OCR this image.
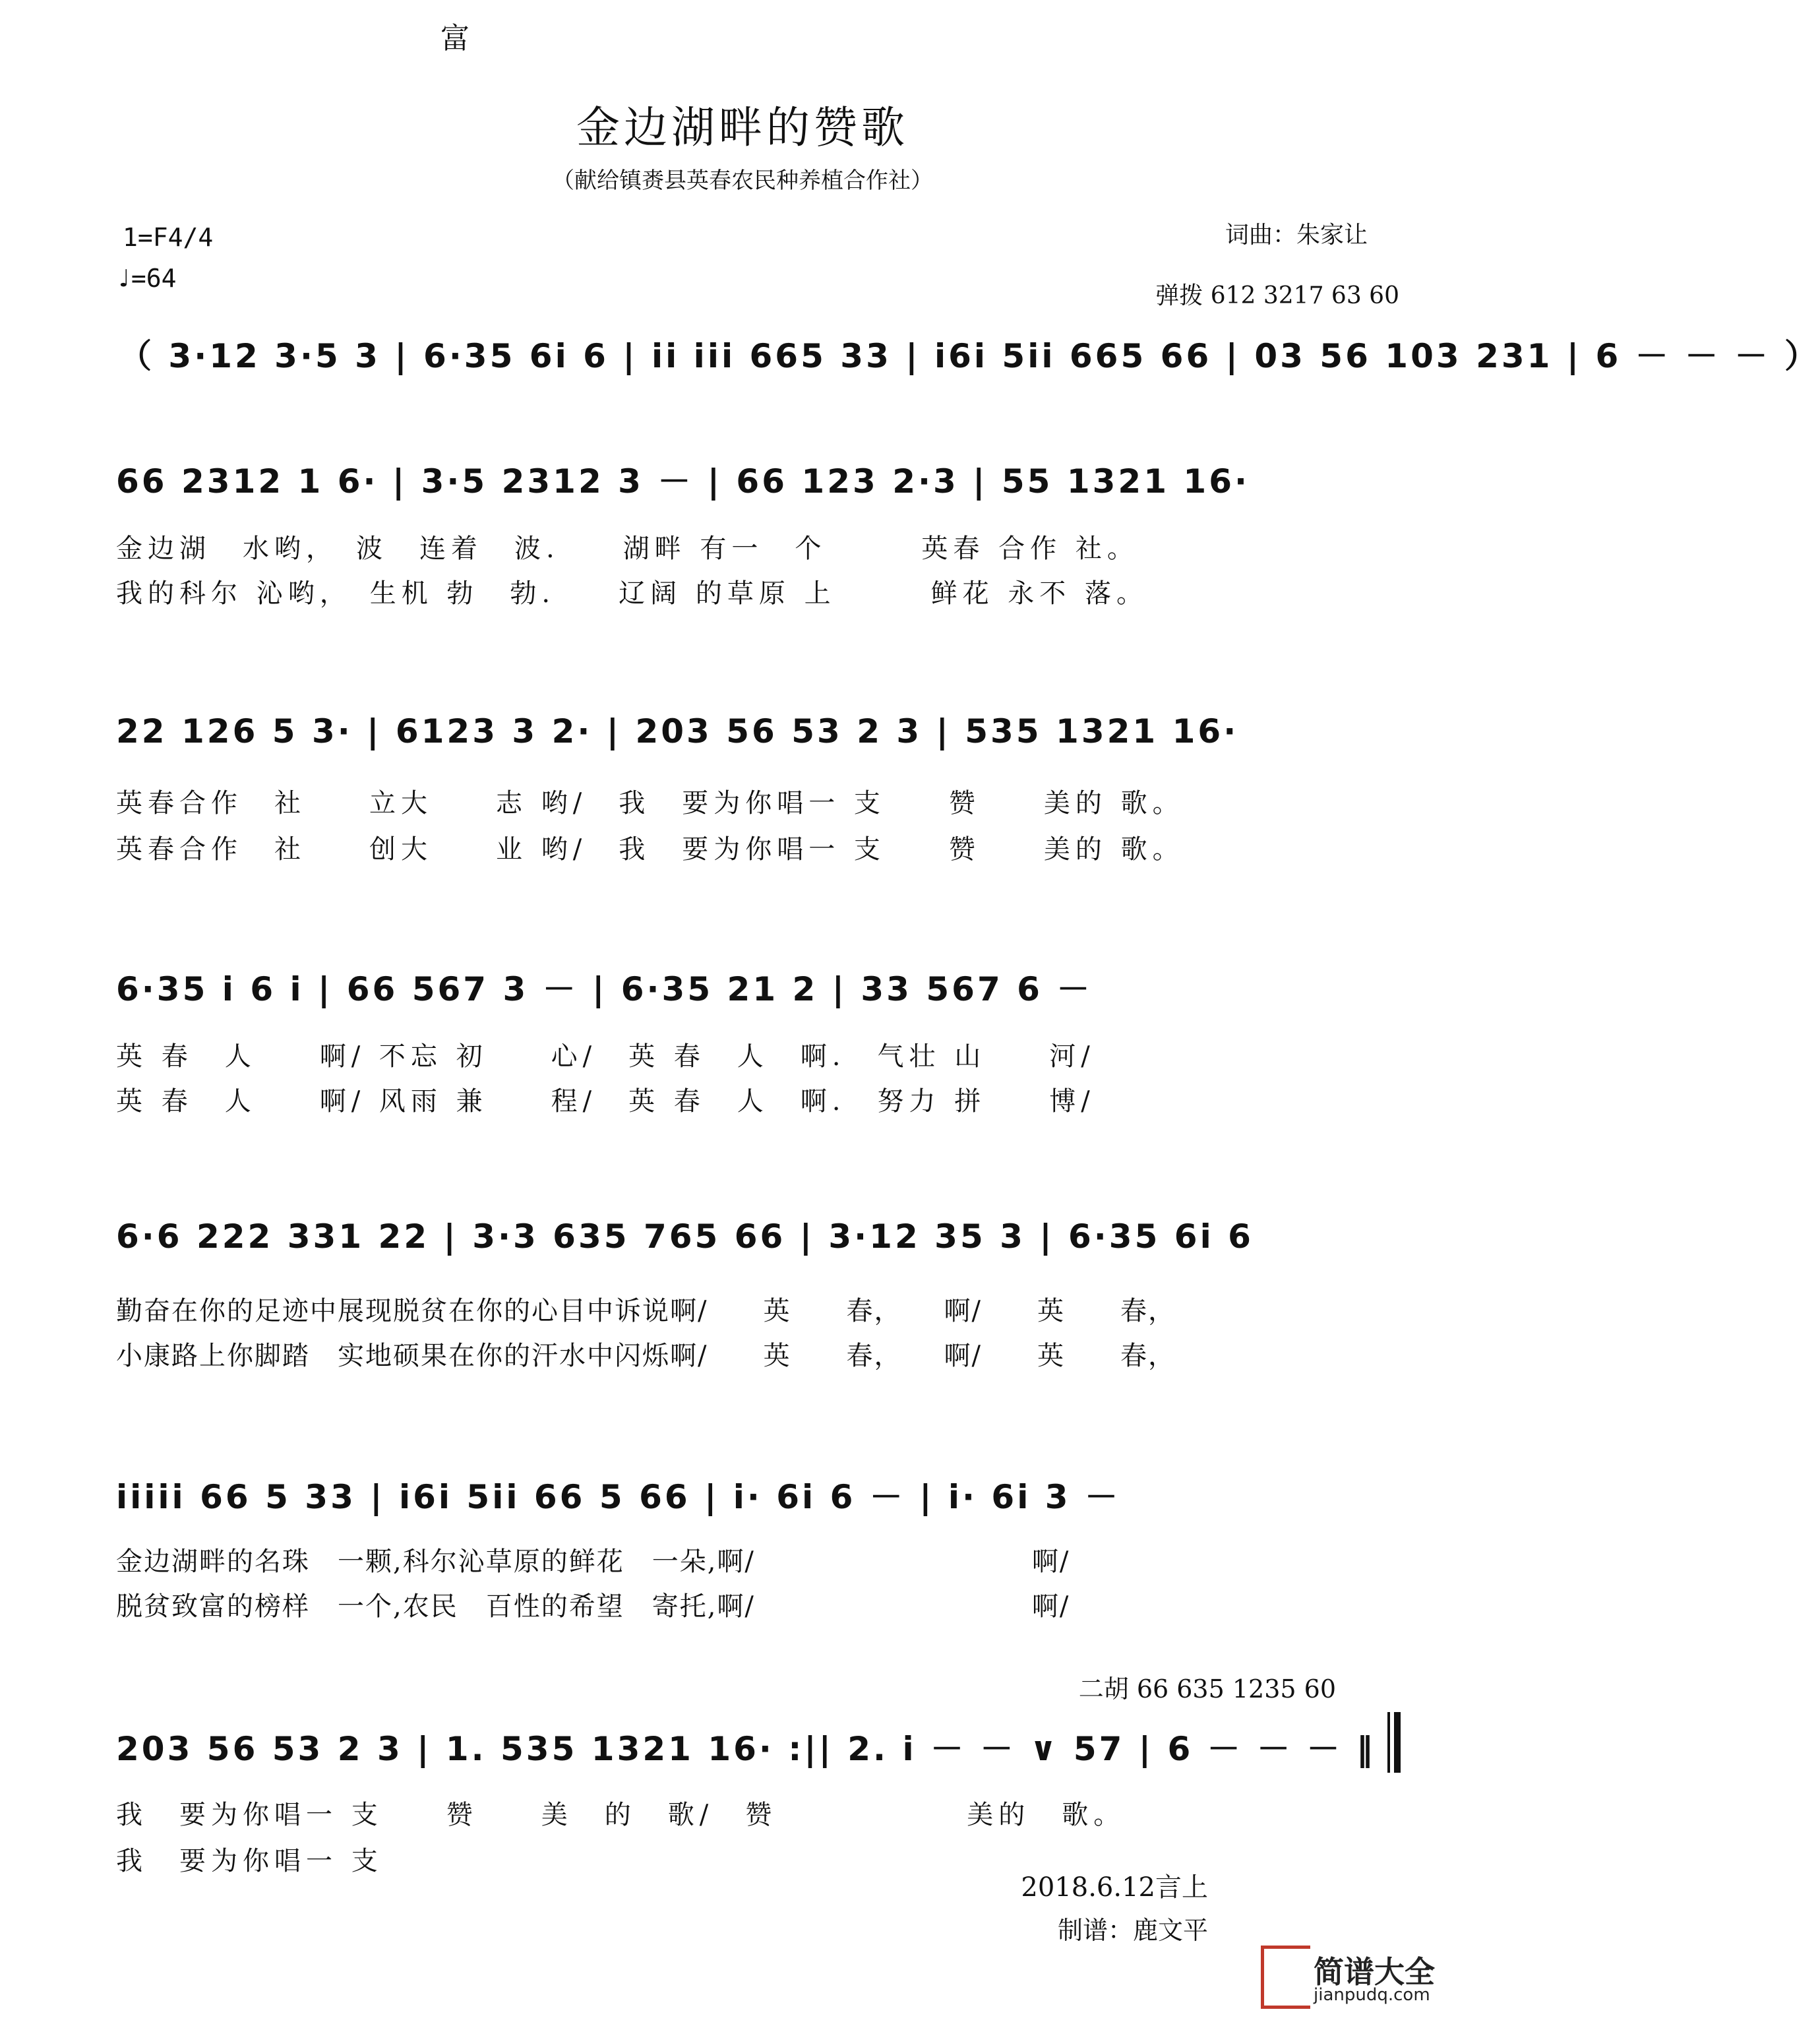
富
金边湖畔的赞歌
（献给镇赉县英春农民种养植合作社）
1=F4/4
♩=64
词曲：朱家让
弹拨 612 3217 63 60
（ 3·12 3·5 3 | 6·35 6i 6 | ii iii 665 33 | i6i 5ii 665 66 | 03 56 103 231 | 6 － － － ）
66 2312 1 6· | 3·5 2312 3 － | 66 123 2·3 | 55 1321 16·
金边湖　水哟，　波　连着　波.　　湖畔 有一　个　　　英春 合作 社。
我的科尔 沁哟，　生机 勃　勃.　　辽阔 的草原 上　　　鲜花 永不 落。
22 126 5 3· | 6123 3 2· | 203 56 53 2 3 | 535 1321 16·
英春合作　社　　立大　　志 哟/　我　要为你唱一 支　　赞　　美的 歌。
英春合作　社　　创大　　业 哟/　我　要为你唱一 支　　赞　　美的 歌。
6·35 i 6 i | 66 567 3 － | 6·35 21 2 | 33 567 6 －
英 春　人　　啊/ 不忘 初　　心/　英 春　人　啊.　气壮 山　　河/
英 春　人　　啊/ 风雨 兼　　程/　英 春　人　啊.　努力 拼　　博/
6·6 222 331 22 | 3·3 635 765 66 | 3·12 35 3 | 6·35 6i 6
勤奋在你的足迹中展现脱贫在你的心目中诉说啊/　　英　　春，　　啊/　　英　　春，
小康路上你脚踏　实地硕果在你的汗水中闪烁啊/　　英　　春，　　啊/　　英　　春，
iiiii 66 5 33 | i6i 5ii 66 5 66 | i· 6i 6 － | i· 6i 3 －
金边湖畔的名珠　一颗,科尔沁草原的鲜花　一朵,啊/　　　　　　　　　　啊/
脱贫致富的榜样　一个,农民　百性的希望　寄托,啊/　　　　　　　　　　啊/
二胡 66 635 1235 60
203 56 53 2 3 | 1. 535 1321 16· :|| 2. i － － ∨ 57 | 6 － － － ‖
我　要为你唱一 支　　赞　　美　的　歌/　赞　　　　　　美的　歌。
我　要为你唱一 支
2018.6.12言上
制谱：鹿文平
简谱大全
jianpudq.com
